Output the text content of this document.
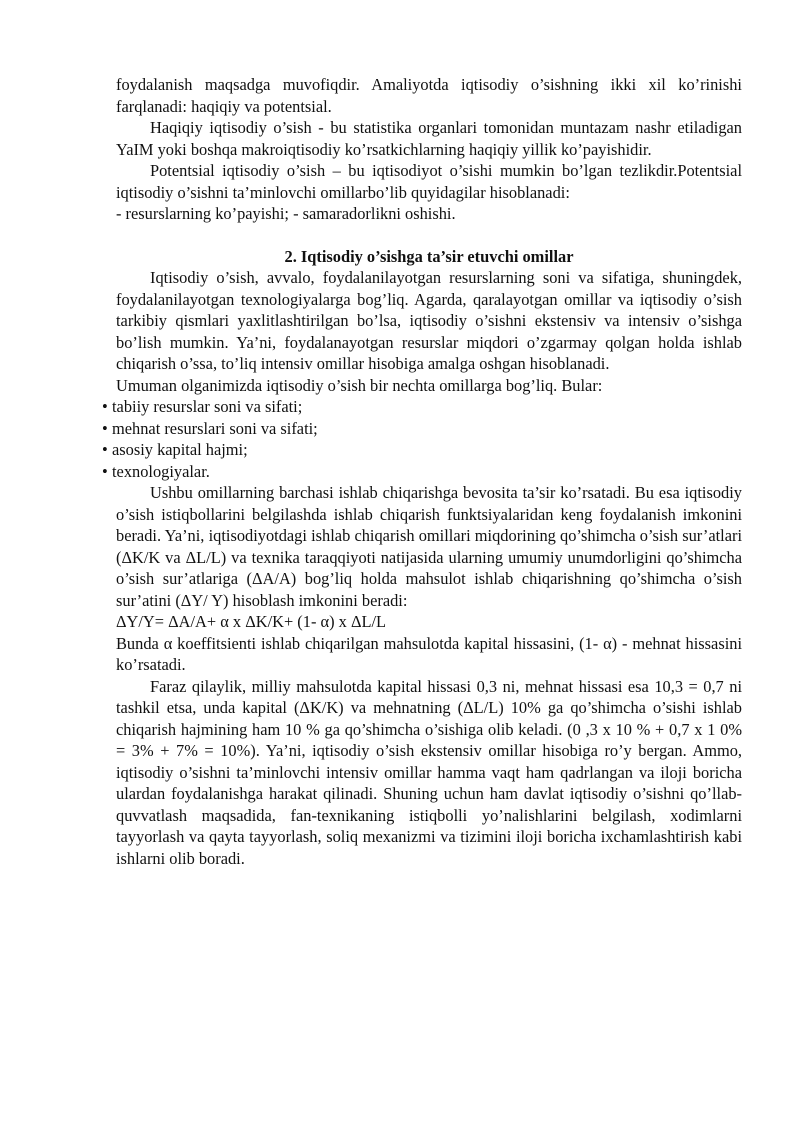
foydalanish maqsadga muvofiqdir. Amaliyotda iqtisodiy o’sishning ikki xil ko’rinishi farqlanadi: haqiqiy va potentsial.

Haqiqiy iqtisodiy o’sish - bu statistika organlari tomonidan muntazam nashr etiladigan YaIM yoki boshqa makroiqtisodiy ko’rsatkichlarning haqiqiy yillik ko’payishidir.

Potentsial iqtisodiy o’sish – bu iqtisodiyot o’sishi mumkin bo’lgan tezlikdir.Potentsial iqtisodiy o’sishni ta’minlovchi omillarbo’lib quyidagilar hisoblanadi:

- resurslarning ko’payishi; - samaradorlikni oshishi.

2. Iqtisodiy o’sishga ta’sir etuvchi omillar

Iqtisodiy o’sish, avvalo, foydalanilayotgan resurslarning soni va sifatiga, shuningdek, foydalanilayotgan texnologiyalarga bog’liq. Agarda, qaralayotgan omillar va iqtisodiy o’sish tarkibiy qismlari yaxlitlashtirilgan bo’lsa, iqtisodiy o’sishni ekstensiv va intensiv o’sishga bo’lish mumkin. Ya’ni, foydalanayotgan resurslar miqdori o’zgarmay qolgan holda ishlab chiqarish o’ssa, to’liq intensiv omillar hisobiga amalga oshgan hisoblanadi.

Umuman olganimizda iqtisodiy o’sish bir nechta omillarga bog’liq. Bular:

• tabiiy resurslar soni va sifati;
• mehnat resurslari soni va sifati;
• asosiy kapital hajmi;
• texnologiyalar.

Ushbu omillarning barchasi ishlab chiqarishga bevosita ta’sir ko’rsatadi. Bu esa iqtisodiy o’sish istiqbollarini belgilashda ishlab chiqarish funktsiyalaridan keng foydalanish imkonini beradi. Ya’ni, iqtisodiyotdagi ishlab chiqarish omillari miqdorining qo’shimcha o’sish sur’atlari (ΔK/K va ΔL/L) va texnika taraqqiyoti natijasida ularning umumiy unumdorligini qo’shimcha o’sish sur’atlariga (ΔA/A) bog’liq holda mahsulot ishlab chiqarishning qo’shimcha o’sish sur’atini (ΔY/ Y) hisoblash imkonini beradi:

ΔY/Y= ΔA/A+ α x ΔK/K+ (1- α) x ΔL/L

Bunda α koeffitsienti ishlab chiqarilgan mahsulotda kapital hissasini, (1- α) - mehnat hissasini ko’rsatadi.

Faraz qilaylik, milliy mahsulotda kapital hissasi 0,3 ni, mehnat hissasi esa 10,3 = 0,7 ni tashkil etsa, unda kapital (ΔK/K) va mehnatning (ΔL/L) 10% ga qo’shimcha o’sishi ishlab chiqarish hajmining ham 10 % ga qo’shimcha o’sishiga olib keladi. (0 ,3 x 10 % + 0,7 x 1 0% = 3% + 7% = 10%). Ya’ni, iqtisodiy o’sish ekstensiv omillar hisobiga ro’y bergan. Ammo, iqtisodiy o’sishni ta’minlovchi intensiv omillar hamma vaqt ham qadrlangan va iloji boricha ulardan foydalanishga harakat qilinadi. Shuning uchun ham davlat iqtisodiy o’sishni qo’llab-quvvatlash maqsadida, fan-texnikaning istiqbolli yo’nalishlarini belgilash, xodimlarni tayyorlash va qayta tayyorlash, soliq mexanizmi va tizimini iloji boricha ixchamlashtirish kabi ishlarni olib boradi.
